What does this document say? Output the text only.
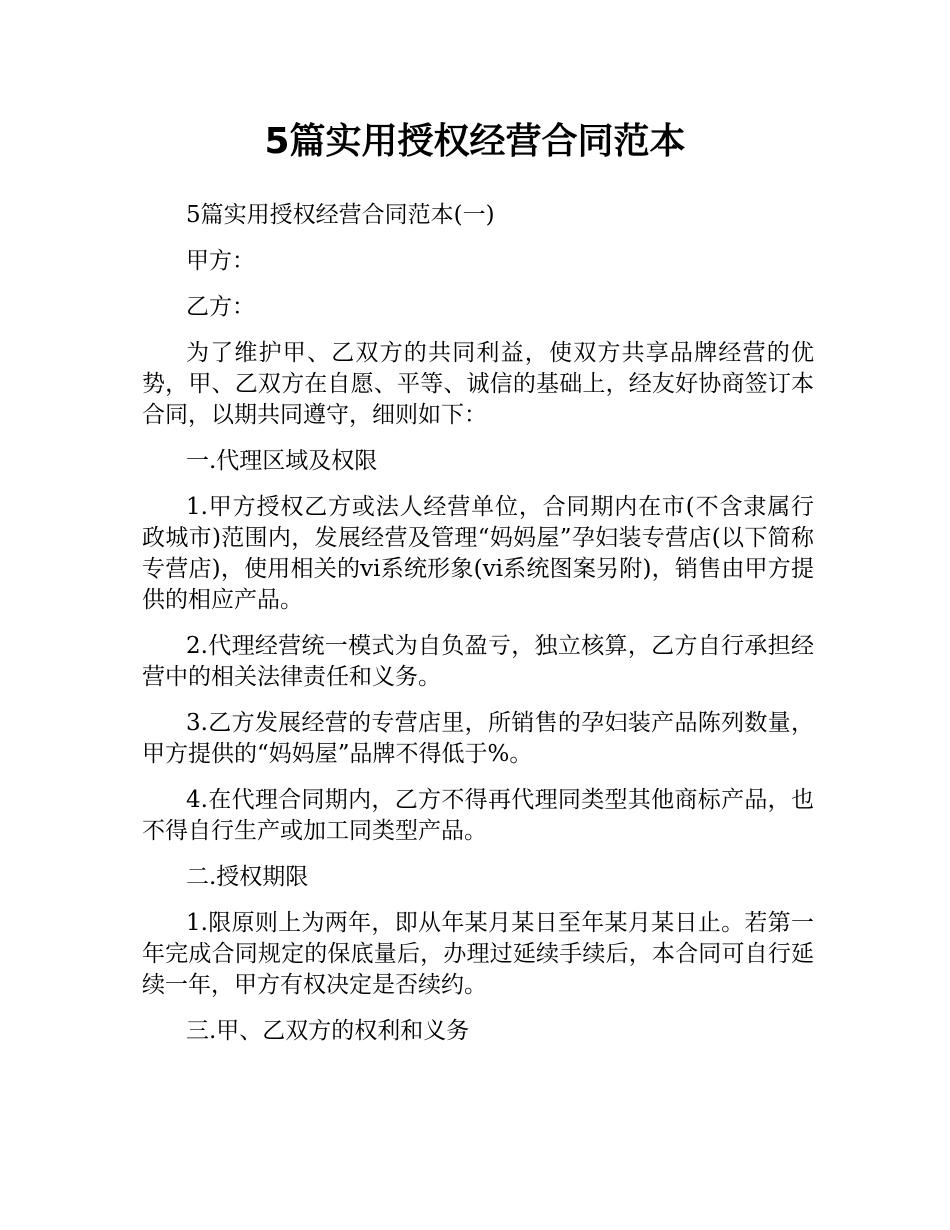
5篇实用授权经营合同范本

5篇实用授权经营合同范本(一)

甲方：

乙方：

为了维护甲、乙双方的共同利益，使双方共享品牌经营的优势，甲、乙双方在自愿、平等、诚信的基础上，经友好协商签订本合同，以期共同遵守，细则如下：

一.代理区域及权限

1.甲方授权乙方或法人经营单位，合同期内在市(不含隶属行政城市)范围内，发展经营及管理“妈妈屋”孕妇装专营店(以下简称专营店)，使用相关的vi系统形象(vi系统图案另附)，销售由甲方提供的相应产品。

2.代理经营统一模式为自负盈亏，独立核算，乙方自行承担经营中的相关法律责任和义务。

3.乙方发展经营的专营店里，所销售的孕妇装产品陈列数量，甲方提供的“妈妈屋”品牌不得低于%。

4.在代理合同期内，乙方不得再代理同类型其他商标产品，也不得自行生产或加工同类型产品。

二.授权期限

1.限原则上为两年，即从年某月某日至年某月某日止。若第一年完成合同规定的保底量后，办理过延续手续后，本合同可自行延续一年，甲方有权决定是否续约。

三.甲、乙双方的权利和义务
